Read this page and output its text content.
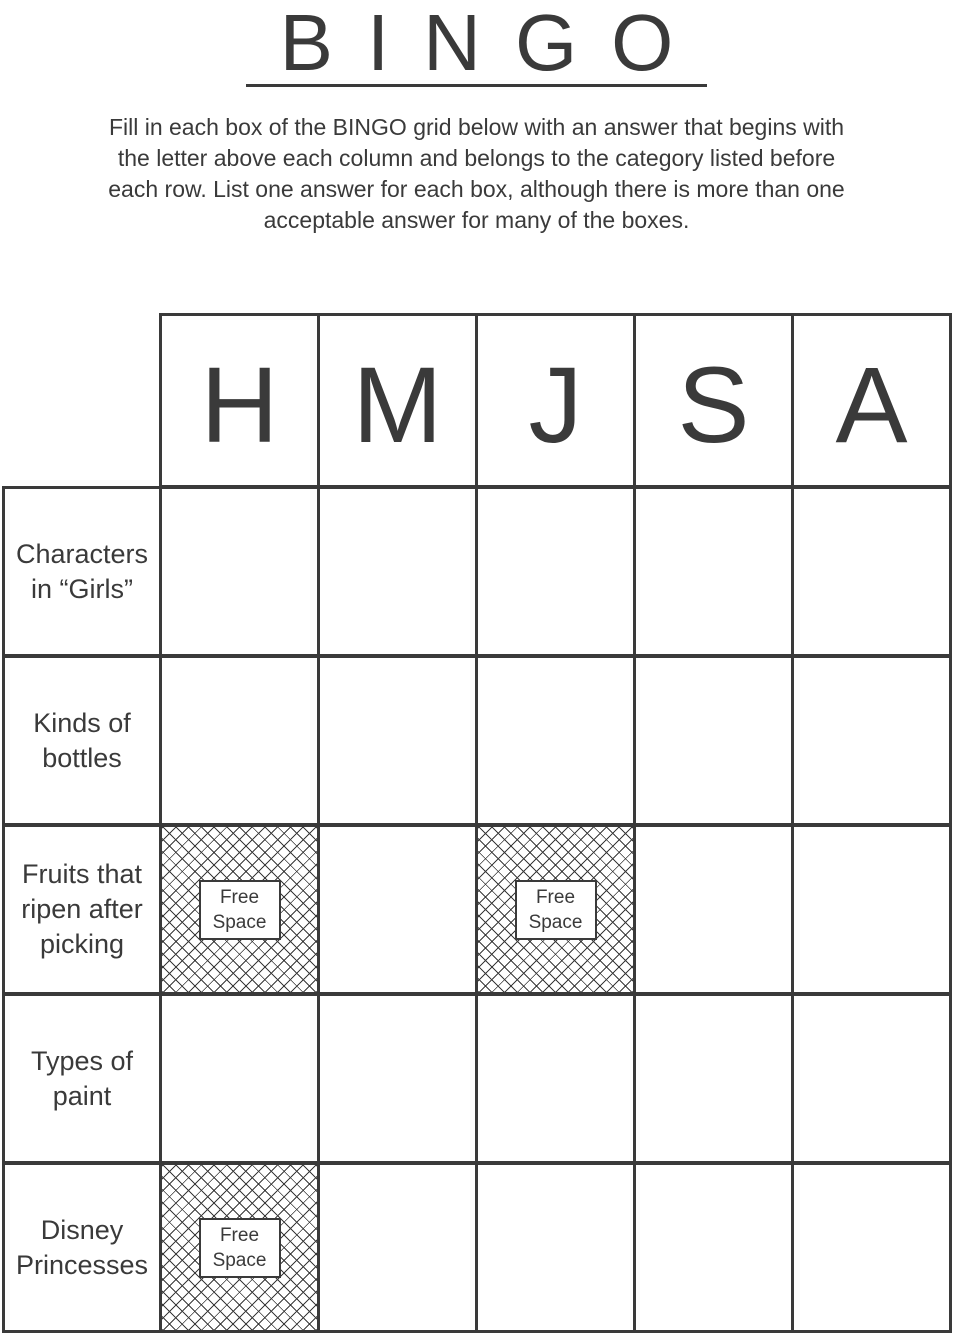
BINGO

Fill in each box of the BINGO grid below with an answer that begins with the letter above each column and belongs to the category listed before each row. List one answer for each box, although there is more than one acceptable answer for many of the boxes.

H M J S A
Characters
in “Girls”
Kinds of
bottles
Fruits that
ripen after
picking
Free
Space
Free
Space
Types of
paint
Disney
Princesses
Free
Space
